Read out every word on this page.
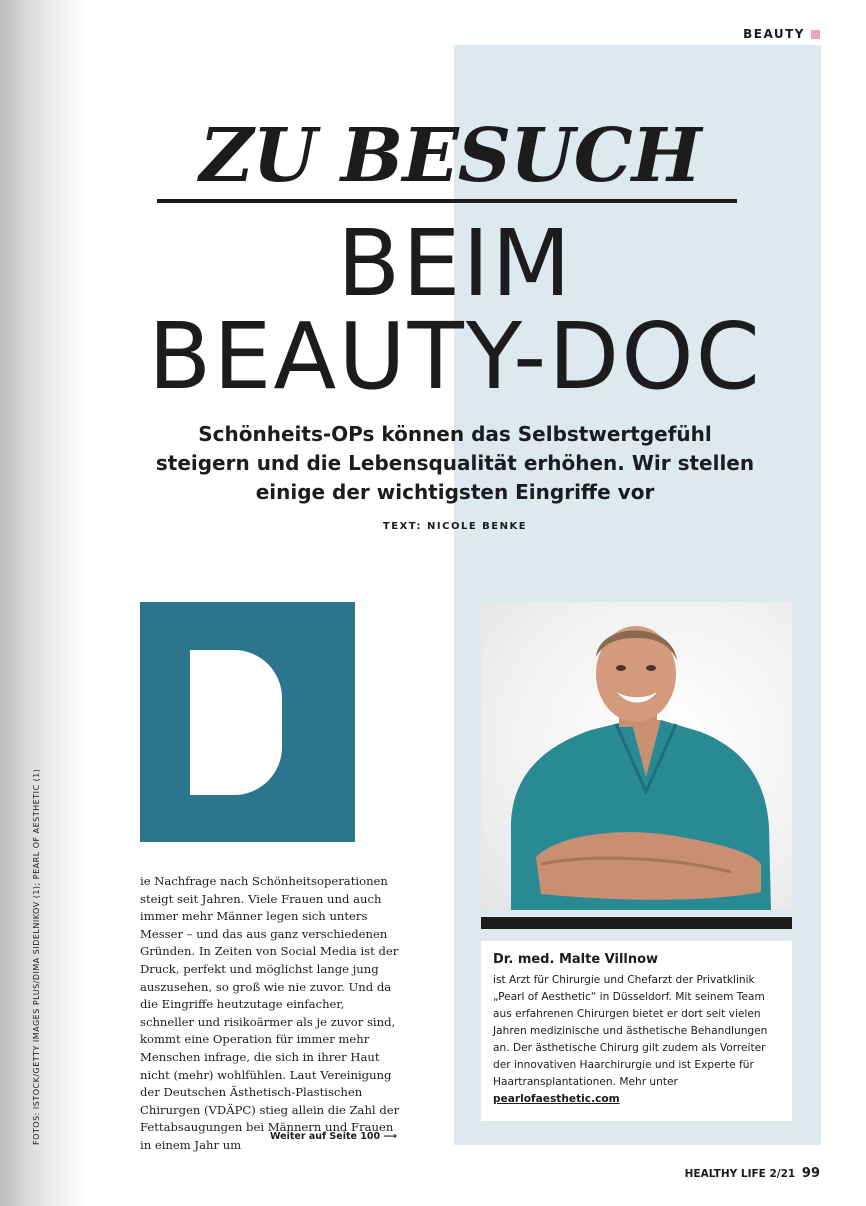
BEAUTY
ZU BESUCH
BEIM
BEAUTY-DOC
Schönheits-OPs können das Selbstwertgefühl steigern und die Lebensqualität erhöhen. Wir stellen einige der wichtigsten Eingriffe vor
TEXT: NICOLE BENKE
ie Nachfrage nach Schönheitsoperationen steigt seit Jahren. Viele Frauen und auch immer mehr Männer legen sich unters Messer – und das aus ganz verschiedenen Gründen. In Zeiten von Social Media ist der Druck, perfekt und möglichst lange jung auszusehen, so groß wie nie zuvor. Und da die Eingriffe heutzutage einfacher, schneller und risikoärmer als je zuvor sind, kommt eine Operation für immer mehr Menschen infrage, die sich in ihrer Haut nicht (mehr) wohlfühlen. Laut Vereinigung der Deutschen Ästhetisch-Plastischen Chirurgen (VDÄPC) stieg allein die Zahl der Fettabsaugungen bei Männern und Frauen in einem Jahr um
Weiter auf Seite 100 ⟶
Dr. med. Malte Villnow
ist Arzt für Chirurgie und Chefarzt der Privatklinik „Pearl of Aesthetic“ in Düsseldorf. Mit seinem Team aus erfahrenen Chirurgen bietet er dort seit vielen Jahren medizinische und ästhetische Behandlungen an. Der ästhetische Chirurg gilt zudem als Vorreiter der innovativen Haarchirurgie und ist Experte für Haartransplantationen. Mehr unter pearlofaesthetic.com
FOTOS: ISTOCK/GETTY IMAGES PLUS/DIMA SIDELNIKOV (1); PEARL OF AESTHETIC (1)
HEALTHY LIFE 2/21 99
